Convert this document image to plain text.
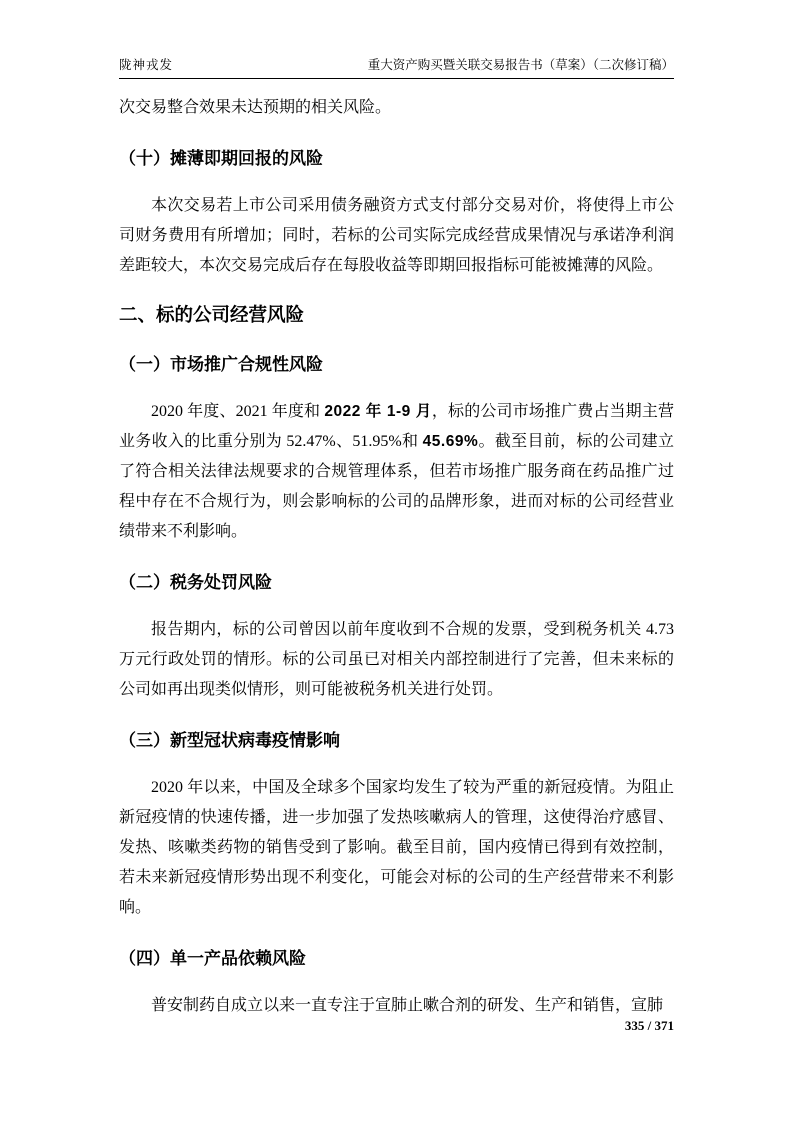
陇神戎发	重大资产购买暨关联交易报告书（草案）（二次修订稿）

次交易整合效果未达预期的相关风险。

（十）摊薄即期回报的风险

本次交易若上市公司采用债务融资方式支付部分交易对价，将使得上市公司财务费用有所增加；同时，若标的公司实际完成经营成果情况与承诺净利润差距较大，本次交易完成后存在每股收益等即期回报指标可能被摊薄的风险。

二、标的公司经营风险
（一）市场推广合规性风险

2020 年度、2021 年度和 2022 年 1-9 月，标的公司市场推广费占当期主营业务收入的比重分别为 52.47%、51.95%和 45.69%。截至目前，标的公司建立了符合相关法律法规要求的合规管理体系，但若市场推广服务商在药品推广过程中存在不合规行为，则会影响标的公司的品牌形象，进而对标的公司经营业绩带来不利影响。

（二）税务处罚风险

报告期内，标的公司曾因以前年度收到不合规的发票，受到税务机关 4.73 万元行政处罚的情形。标的公司虽已对相关内部控制进行了完善，但未来标的公司如再出现类似情形，则可能被税务机关进行处罚。

（三）新型冠状病毒疫情影响

2020 年以来，中国及全球多个国家均发生了较为严重的新冠疫情。为阻止新冠疫情的快速传播，进一步加强了发热咳嗽病人的管理，这使得治疗感冒、发热、咳嗽类药物的销售受到了影响。截至目前，国内疫情已得到有效控制，若未来新冠疫情形势出现不利变化，可能会对标的公司的生产经营带来不利影响。

（四）单一产品依赖风险

普安制药自成立以来一直专注于宣肺止嗽合剂的研发、生产和销售，宣肺

335 / 371
